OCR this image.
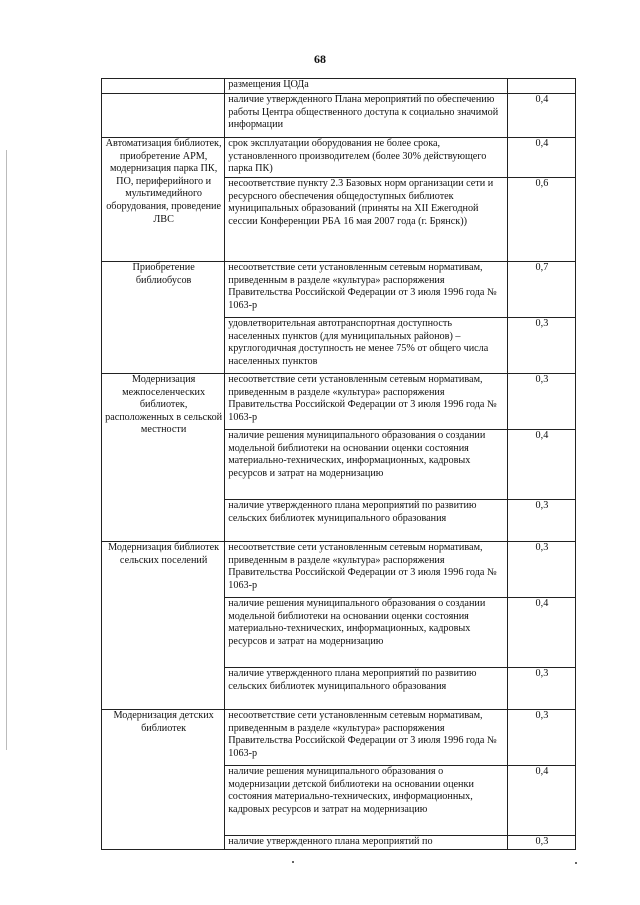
68
	размещения ЦОДа	
	наличие утвержденного Плана мероприятий по обеспечению работы Центра общественного доступа к социально значимой информации	0,4
Автоматизация библиотек, приобретение АРМ, модернизация парка ПК, ПО, периферийного и мультимедийного оборудования, проведение ЛВС	срок эксплуатации оборудования не более срока, установленного производителем (более 30% действующего парка ПК)	0,4
	несоответствие пункту 2.3 Базовых норм организации сети и ресурсного обеспечения общедоступных библиотек муниципальных образований (приняты на XII Ежегодной сессии Конференции РБА 16 мая 2007 года (г. Брянск))	0,6
Приобретение библиобусов	несоответствие сети установленным сетевым нормативам, приведенным в разделе «культура» распоряжения Правительства Российской Федерации от 3 июля 1996 года № 1063-р	0,7
	удовлетворительная автотранспортная доступность населенных пунктов (для муниципальных районов) – круглогодичная доступность не менее 75% от общего числа населенных пунктов	0,3
Модернизация межпоселенческих библиотек, расположенных в сельской местности	несоответствие сети установленным сетевым нормативам, приведенным в разделе «культура» распоряжения Правительства Российской Федерации от 3 июля 1996 года № 1063-р	0,3
	наличие решения муниципального образования о создании модельной библиотеки на основании оценки состояния материально-технических, информационных, кадровых ресурсов и затрат на модернизацию	0,4
	наличие утвержденного плана мероприятий по развитию сельских библиотек муниципального образования	0,3
Модернизация библиотек сельских поселений	несоответствие сети установленным сетевым нормативам, приведенным в разделе «культура» распоряжения Правительства Российской Федерации от 3 июля 1996 года № 1063-р	0,3
	наличие решения муниципального образования о создании модельной библиотеки на основании оценки состояния материально-технических, информационных, кадровых ресурсов и затрат на модернизацию	0,4
	наличие утвержденного плана мероприятий по развитию сельских библиотек муниципального образования	0,3
Модернизация детских библиотек	несоответствие сети установленным сетевым нормативам, приведенным в разделе «культура» распоряжения Правительства Российской Федерации от 3 июля 1996 года № 1063-р	0,3
	наличие решения муниципального образования о модернизации детской библиотеки на основании оценки состояния материально-технических, информационных, кадровых ресурсов и затрат на модернизацию	0,4
	наличие утвержденного плана мероприятий по	0,3
